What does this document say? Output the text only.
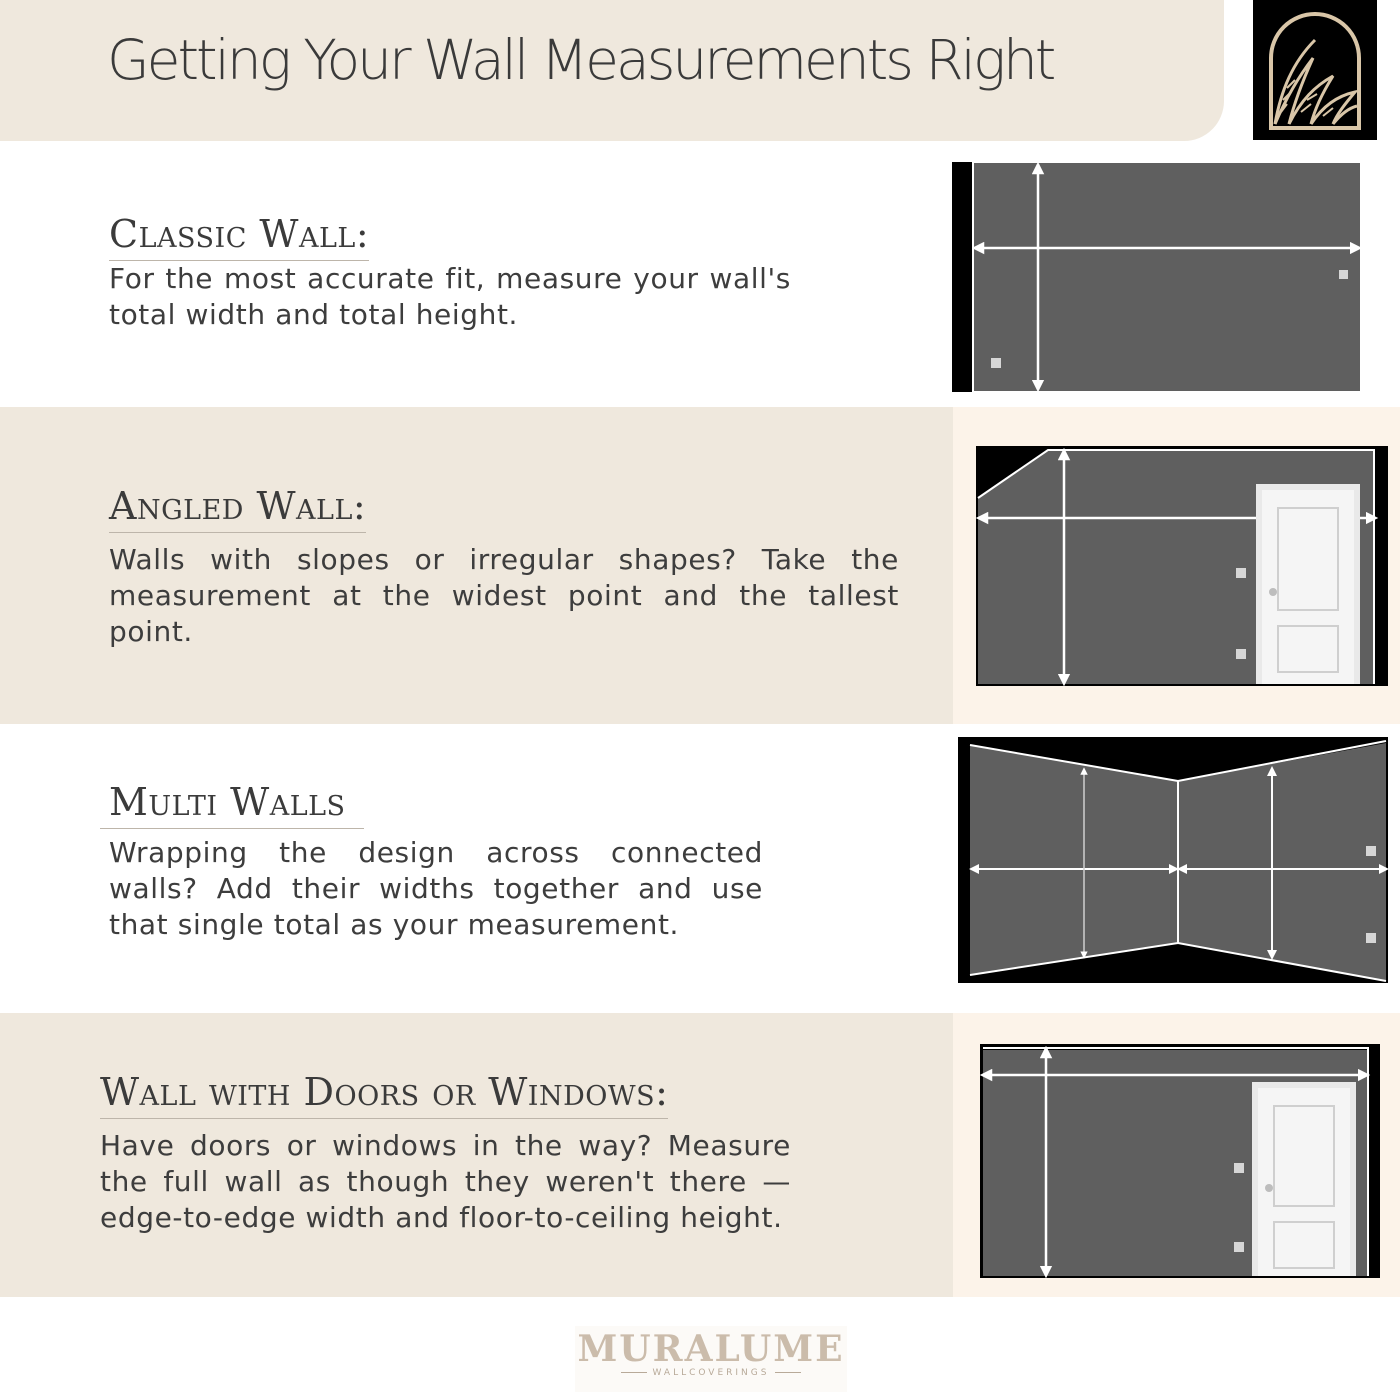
Getting Your Wall Measurements Right
Classic Wall:
For the most accurate fit, measure your wall's total width and total height.
Angled Wall:
Walls with slopes or irregular shapes? Take the measurement at the widest point and the tallest point.
Multi Walls
Wrapping the design across connected walls? Add their widths together and use that single total as your measurement.
Wall with Doors or Windows:
Have doors or windows in the way? Measure the full wall as though they weren't there — edge-to-edge width and floor-to-ceiling height.
MURALUME
WALLCOVERINGS
